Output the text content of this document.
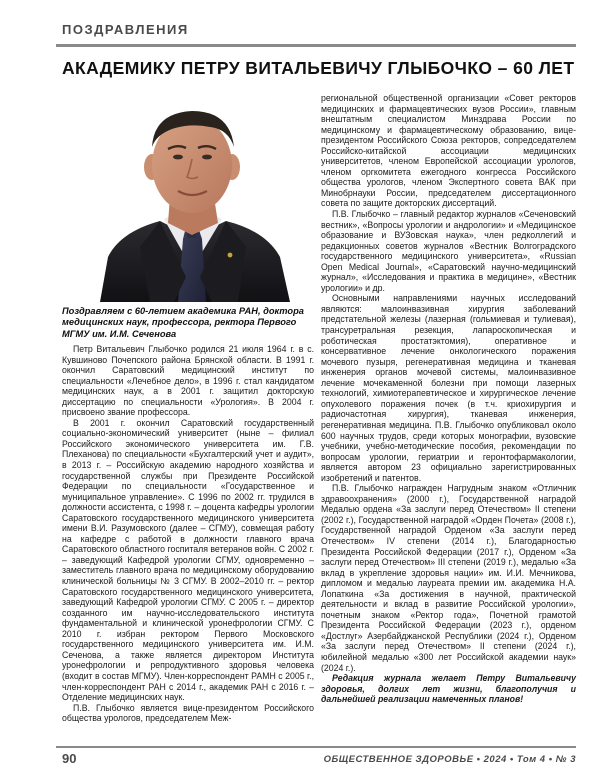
ПОЗДРАВЛЕНИЯ
АКАДЕМИКУ ПЕТРУ ВИТАЛЬЕВИЧУ ГЛЫБОЧКО – 60 ЛЕТ
Поздравляем с 60-летием академика РАН, доктора медицинских наук, профессора, ректора Первого МГМУ им. И.М. Сеченова

Петр Витальевич Глыбочко родился 21 июля 1964 г. в с. Кувшиново Почепского района Брянской области. В 1991 г. окончил Саратовский медицинский институт по специальности «Лечебное дело», в 1996 г. стал кандидатом медицинских наук, а в 2001 г. защитил докторскую диссертацию по специальности «Урология». В 2004 г. присвоено звание профессора.

В 2001 г. окончил Саратовский государственный социально-экономический университет (ныне – филиал Российского экономического университета им. Г.В. Плеханова) по специальности «Бухгалтерский учет и аудит», в 2013 г. – Российскую академию народного хозяйства и государственной службы при Президенте Российской Федерации по специальности «Государственное и муниципальное управление». С 1996 по 2002 гг. трудился в должности ассистента, с 1998 г. – доцента кафедры урологии Саратовского государственного медицинского университета имени В.И. Разумовского (далее – СГМУ), совмещая работу на кафедре с работой в должности главного врача Саратовского областного госпиталя ветеранов войн. С 2002 г. – заведующий Кафедрой урологии СГМУ, одновременно – заместитель главного врача по медицинскому оборудованию клинической больницы № 3 СГМУ. В 2002–2010 гг. – ректор Саратовского государственного медицинского университета, заведующий Кафедрой урологии СГМУ. С 2005 г. – директор созданного им научно-исследовательского института фундаментальной и клинической уронефрологии СГМУ. С 2010 г. избран ректором Первого Московского государственного медицинского университета им. И.М. Сеченова, а также является директором Института уронефрологии и репродуктивного здоровья человека (входит в состав МГМУ). Член-корреспондент РАМН с 2005 г., член-корреспондент РАН с 2014 г., академик РАН с 2016 г. – Отделение медицинских наук.

П.В. Глыбочко является вице-президентом Российского общества урологов, председателем Меж-

региональной общественной организации «Совет ректоров медицинских и фармацевтических вузов России», главным внештатным специалистом Минздрава России по медицинскому и фармацевтическому образованию, вице-президентом Российского Союза ректоров, сопредседателем Российско-китайской ассоциации медицинских университетов, членом Европейской ассоциации урологов, членом оргкомитета ежегодного конгресса Российского общества урологов, членом Экспертного совета ВАК при Минобрнауки России, председателем диссертационного совета по защите докторских диссертаций.

П.В. Глыбочко – главный редактор журналов «Сеченовский вестник», «Вопросы урологии и андрологии» и «Медицинское образование и ВУЗовская наука», член редколлегий и редакционных советов журналов «Вестник Волгоградского государственного медицинского университета», «Russian Open Medical Journal», «Саратовский научно-медицинский журнал», «Исследования и практика в медицине», «Вестник урологии» и др.

Основными направлениями научных исследований являются: малоинвазивная хирургия заболеваний предстательной железы (лазерная (гольмиевая и тулиевая), трансуретральная резекция, лапароскопическая и роботическая простатэктомия), оперативное и консервативное лечение онкологического поражения мочевого пузыря, регенеративная медицина и тканевая инженерия органов мочевой системы, малоинвазивное лечение мочекаменной болезни при помощи лазерных технологий, химиотерапевтическое и хирургическое лечение опухолевого поражения почек (в т.ч. криохирургия и радиочастотная хирургия), тканевая инженерия, регенеративная медицина. П.В. Глыбочко опубликовал около 600 научных трудов, среди которых монографии, вузовские учебники, учебно-методические пособия, рекомендации по вопросам урологии, гериатрии и геронтофармакологии, является автором 23 официально зарегистрированных изобретений и патентов.

П.В. Глыбочко награжден Нагрудным знаком «Отличник здравоохранения» (2000 г.), Государственной наградой Медалью ордена «За заслуги перед Отечеством» II степени (2002 г.), Государственной наградой «Орден Почета» (2008 г.), Государственной наградой Орденом «За заслуги перед Отечеством» IV степени (2014 г.), Благодарностью Президента Российской Федерации (2017 г.), Орденом «За заслуги перед Отечеством» III степени (2019 г.), медалью «За вклад в укрепление здоровья нации» им. И.И. Мечникова, дипломом и медалью лауреата премии им. академика Н.А. Лопаткина «За достижения в научной, практической деятельности и вклад в развитие Российской урологии», почетным знаком «Ректор года», Почетной грамотой Президента Российской Федерации (2023 г.), орденом «Достлуг» Азербайджанской Республики (2024 г.), Орденом «За заслуги перед Отечеством» II степени (2024 г.), юбилейной медалью «300 лет Российской академии наук» (2024 г.).

Редакция журнала желает Петру Витальевичу здоровья, долгих лет жизни, благополучия и дальнейшей реализации намеченных планов!

90	ОБЩЕСТВЕННОЕ ЗДОРОВЬЕ • 2024 • Том 4 • № 3
